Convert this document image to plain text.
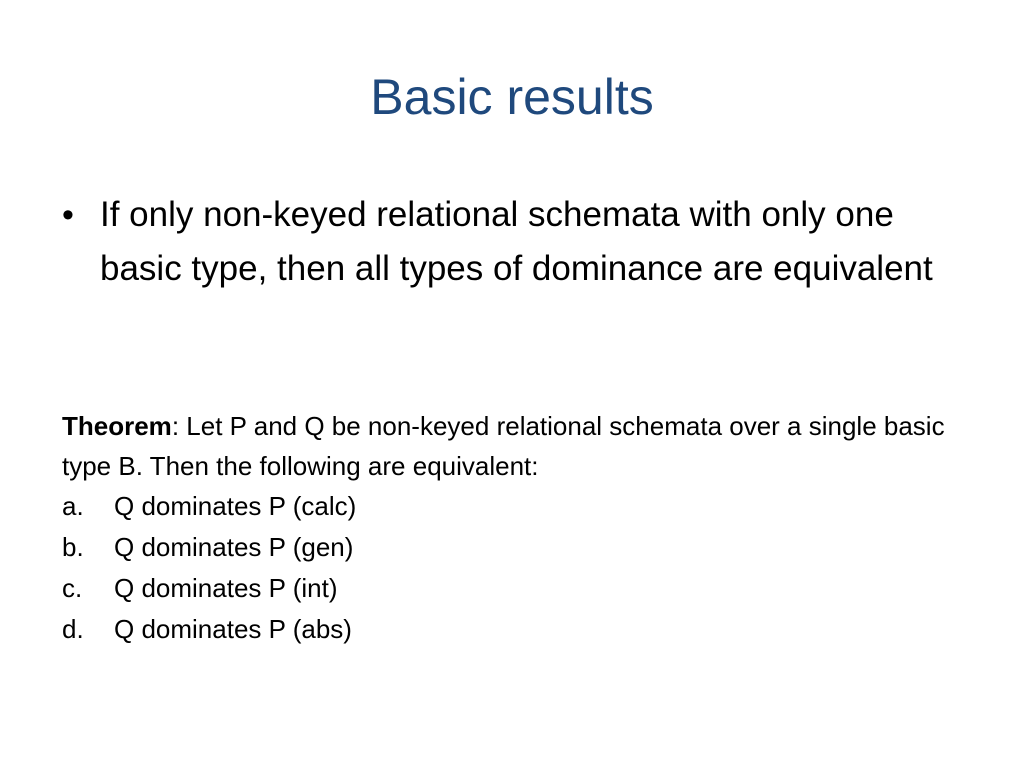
Basic results
• If only non-keyed relational schemata with only one basic type, then all types of dominance are equivalent
Theorem: Let P and Q be non-keyed relational schemata over a single basic type B. Then the following are equivalent:
a.	Q dominates P (calc)
b.	Q dominates P (gen)
c.	Q dominates P (int)
d.	Q dominates P (abs)
